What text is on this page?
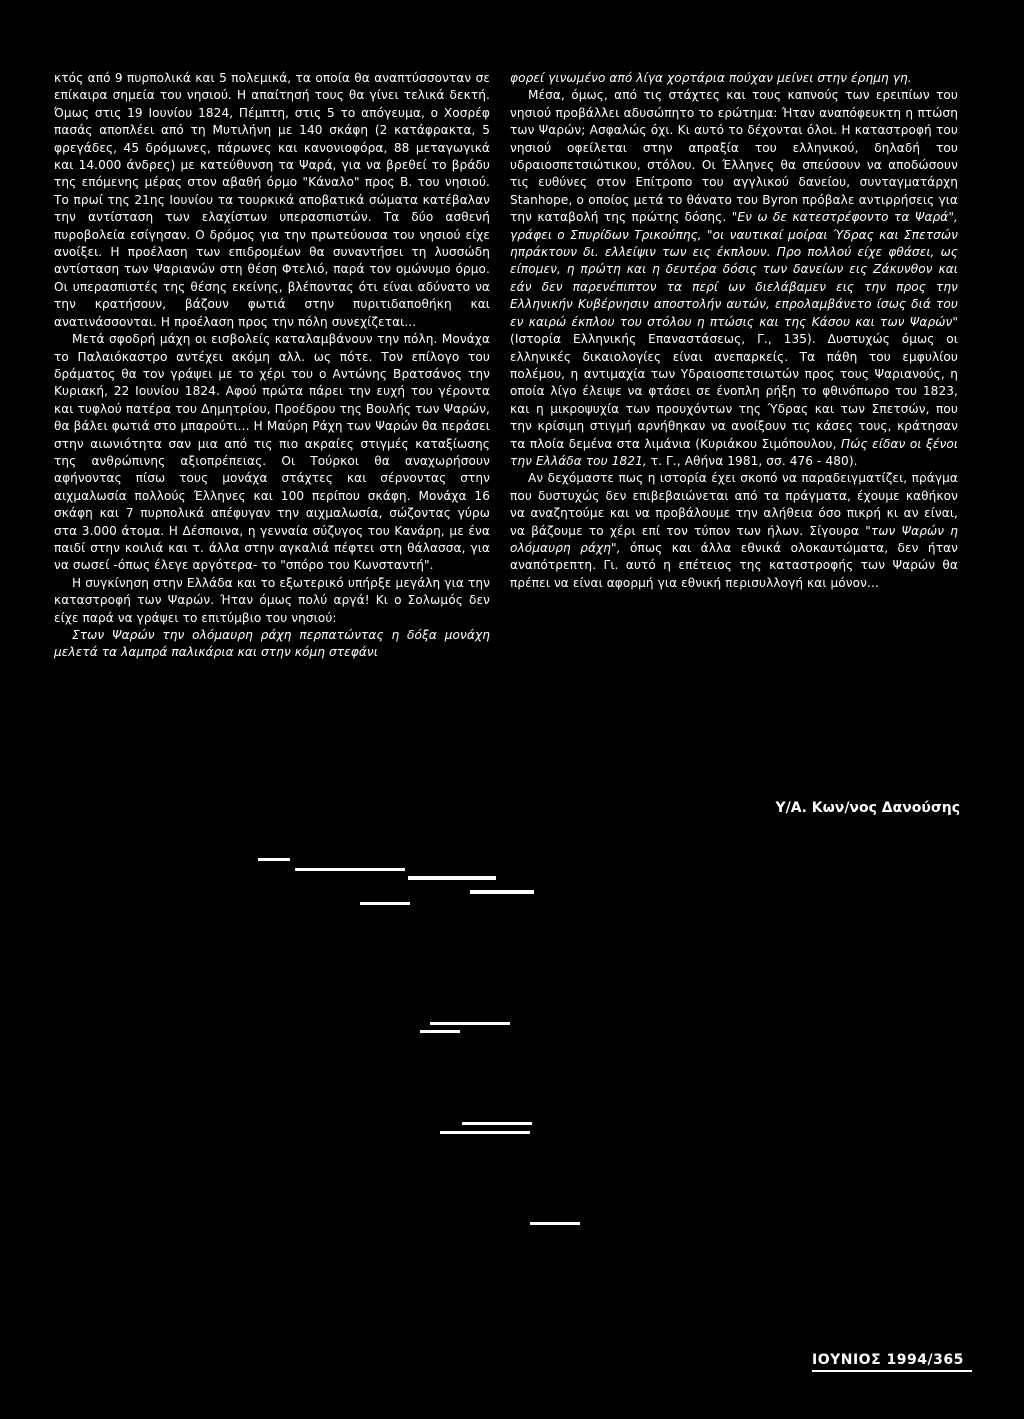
κτός από 9 πυρπολικά και 5 πολεμικά, τα οποία θα αναπτύσσονταν σε επίκαιρα σημεία του νησιού. Η απαίτησή τους θα γίνει τελικά δεκτή. Όμως στις 19 Ιουνίου 1824, Πέμπτη, στις 5 το απόγευμα, ο Χοσρέφ πασάς αποπλέει από τη Μυτιλήνη με 140 σκάφη (2 κατάφρακτα, 5 φρεγάδες, 45 δρόμωνες, πάρωνες και κανονιοφόρα, 88 μεταγωγικά και 14.000 άνδρες) με κατεύθυνση τα Ψαρά, για να βρεθεί το βράδυ της επόμενης μέρας στον αβαθή όρμο "Κάναλο" προς Β. του νησιού. Το πρωί της 21ης Ιουνίου τα τουρκικά αποβατικά σώματα κατέβαλαν την αντίσταση των ελαχίστων υπερασπιστών. Τα δύο ασθενή πυροβολεία εσίγησαν. Ο δρόμος για την πρωτεύουσα του νησιού είχε ανοίξει. Η προέλαση των επιδρομέων θα συναντήσει τη λυσσώδη αντίσταση των Ψαριανών στη θέση Φτελιό, παρά τον ομώνυμο όρμο. Οι υπερασπιστές της θέσης εκείνης, βλέποντας ότι είναι αδύνατο να την κρατήσουν, βάζουν φωτιά στην πυριτιδαποθήκη και ανατινάσσονται. Η προέλαση προς την πόλη συνεχίζεται...

Μετά σφοδρή μάχη οι εισβολείς καταλαμβάνουν την πόλη. Μονάχα το Παλαιόκαστρο αντέχει ακόμη αλλ. ως πότε. Τον επίλογο του δράματος θα τον γράψει με το χέρι του ο Αντώνης Βρατσάνος την Κυριακή, 22 Ιουνίου 1824. Αφού πρώτα πάρει την ευχή του γέροντα και τυφλού πατέρα του Δημητρίου, Προέδρου της Βουλής των Ψαρών, θα βάλει φωτιά στο μπαρούτι... Η Μαύρη Ράχη των Ψαρών θα περάσει στην αιωνιότητα σαν μια από τις πιο ακραίες στιγμές καταξίωσης της ανθρώπινης αξιοπρέπειας. Οι Τούρκοι θα αναχωρήσουν αφήνοντας πίσω τους μονάχα στάχτες και σέρνοντας στην αιχμαλωσία πολλούς Έλληνες και 100 περίπου σκάφη. Μονάχα 16 σκάφη και 7 πυρπολικά απέφυγαν την αιχμαλωσία, σώζοντας γύρω στα 3.000 άτομα. Η Δέσποινα, η γενναία σύζυγος του Κανάρη, με ένα παιδί στην κοιλιά και τ. άλλα στην αγκαλιά πέφτει στη θάλασσα, για να σωσεί -όπως έλεγε αργότερα- το "σπόρο του Κωνσταντή".

Η συγκίνηση στην Ελλάδα και το εξωτερικό υπήρξε μεγάλη για την καταστροφή των Ψαρών. Ήταν όμως πολύ αργά! Κι ο Σολωμός δεν είχε παρά να γράψει το επιτύμβιο του νησιού:

Στων Ψαρών την ολόμαυρη ράχη περπατώντας η δόξα μονάχη μελετά τα λαμπρά παλικάρια και στην κόμη στεφάνι

φορεί γινωμένο από λίγα χορτάρια πούχαν μείνει στην έρημη γη.

Μέσα, όμως, από τις στάχτες και τους καπνούς των ερειπίων του νησιού προβάλλει αδυσώπητο το ερώτημα: Ήταν αναπόφευκτη η πτώση των Ψαρών; Ασφαλώς όχι. Κι αυτό το δέχονται όλοι. Η καταστροφή του νησιού οφείλεται στην απραξία του ελληνικού, δηλαδή του υδραιοσπετσιώτικου, στόλου. Οι Έλληνες θα σπεύσουν να αποδώσουν τις ευθύνες στον Επίτροπο του αγγλικού δανείου, συνταγματάρχη Stanhope, ο οποίος μετά το θάνατο του Byron πρόβαλε αντιρρήσεις για την καταβολή της πρώτης δόσης. "Εν ω δε κατεστρέφοντο τα Ψαρά", γράφει ο Σπυρίδων Τρικούπης, "οι ναυτικαί μοίραι Ύδρας και Σπετσών ηπράκτουν δι. ελλείψιν των εις έκπλουν. Προ πολλού είχε φθάσει, ως είπομεν, η πρώτη και η δευτέρα δόσις των δανείων εις Ζάκυνθον και εάν δεν παρενέπιπτον τα περί ων διελάβαμεν εις την προς την Ελληνικήν Κυβέρνησιν αποστολήν αυτών, επρολαμβάνετο ίσως διά του εν καιρώ έκπλου του στόλου η πτώσις και της Κάσου και των Ψαρών" (Ιστορία Ελληνικής Επαναστάσεως, Γ., 135). Δυστυχώς όμως οι ελληνικές δικαιολογίες είναι ανεπαρκείς. Τα πάθη του εμφυλίου πολέμου, η αντιμαχία των Υδραιοσπετσιωτών προς τους Ψαριανούς, η οποία λίγο έλειψε να φτάσει σε ένοπλη ρήξη το φθινόπωρο του 1823, και η μικροψυχία των προυχόντων της Ύδρας και των Σπετσών, που την κρίσιμη στιγμή αρνήθηκαν να ανοίξουν τις κάσες τους, κράτησαν τα πλοία δεμένα στα λιμάνια (Κυριάκου Σιμόπουλου, Πώς είδαν οι ξένοι την Ελλάδα του 1821, τ. Γ., Αθήνα 1981, σσ. 476 - 480).

Αν δεχόμαστε πως η ιστορία έχει σκοπό να παραδειγματίζει, πράγμα που δυστυχώς δεν επιβεβαιώνεται από τα πράγματα, έχουμε καθήκον να αναζητούμε και να προβάλουμε την αλήθεια όσο πικρή κι αν είναι, να βάζουμε το χέρι επί τον τύπον των ήλων. Σίγουρα "των Ψαρών η ολόμαυρη ράχη", όπως και άλλα εθνικά ολοκαυτώματα, δεν ήταν αναπότρεπτη. Γι. αυτό η επέτειος της καταστροφής των Ψαρών θα πρέπει να είναι αφορμή για εθνική περισυλλογή και μόνον...

Υ/Α. Κων/νος Δανούσης
ΙΟΥΝΙΟΣ 1994/365
